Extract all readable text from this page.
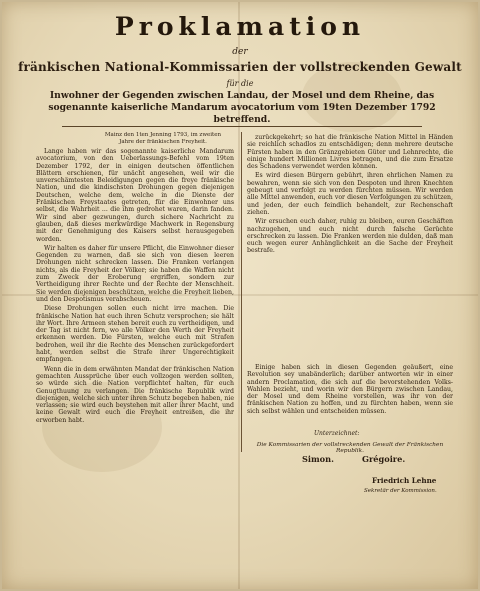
Proklamation
der
fränkischen National-Kommissarien der vollstreckenden Gewalt
für die
Inwohner der Gegenden zwischen Landau, der Mosel und dem Rheine, das sogenannte kaiserliche Mandarum avocatorium vom 19ten Dezember 1792 betreffend.
Mainz den 1ten Jenning 1793, im zweiten Jahre der fränkischen Freyheit.

Lange haben wir das sogenannte kaiserliche Mandarum avocatorium, von den Ueberlassungs-Befehl vom 19ten Dezember 1792, der in einigen deutschen öffentlichen Blättern erschienen, für unächt angesehen, weil wir die unverschämtesten Beleidigungen gegen die freye fränkische Nation, und die kindischsten Drohungen gegen diejenigen Deutschen, welche dem, welche in die Dienste der Fränkischen Freystaates getreten, für die Einwohner uns selbst, die Wahrheit ... die ihm gedrohet waren, darin fanden. Wir sind aber gezwungen, durch sichere Nachricht zu glauben, daß dieses merkwürdige Machwerk in Regensburg mit der Genehmigung des Kaisers selbst herausgegeben worden.

Wir halten es daher für unsere Pflicht, die Einwohner dieser Gegenden zu warnen, daß sie sich von diesen leeren Drohungen nicht schrecken lassen. Die Franken verlangen nichts, als die Freyheit der Völker; sie haben die Waffen nicht zum Zweck der Eroberung ergriffen, sondern zur Vertheidigung ihrer Rechte und der Rechte der Menschheit. Sie werden diejenigen beschützen, welche die Freyheit lieben, und den Despotismus verabscheuen.

Diese Drohungen sollen euch nicht irre machen. Die fränkische Nation hat euch ihren Schutz versprochen; sie hält ihr Wort. Ihre Armeen stehen bereit euch zu vertheidigen, und der Tag ist nicht fern, wo alle Völker den Werth der Freyheit erkennen werden. Die Fürsten, welche euch mit Strafen bedrohen, weil ihr die Rechte des Menschen zurückgefordert habt, werden selbst die Strafe ihrer Ungerechtigkeit empfangen.

Wenn die in dem erwähnten Mandat der fränkischen Nation gemachten Aussprüche über euch vollzogen werden sollten, so würde sich die Nation verpflichtet halten, für euch Genugthuung zu verlangen. Die fränkische Republik wird diejenigen, welche sich unter ihren Schutz begeben haben, nie verlassen; sie wird euch beystehen mit aller ihrer Macht, und keine Gewalt wird euch die Freyheit entreißen, die ihr erworben habt.

zurückgekehrt; so hat die fränkische Nation Mittel in Händen sie reichlich schadlos zu entschädigen; denn mehrere deutsche Fürsten haben in den Gränzgebieten Güter und Lehnrechte, die einige hundert Millionen Livres betragen, und die zum Ersatze des Schadens verwendet werden können.

Es wird diesen Bürgern gebührt, ihren ehrlichen Namen zu bewahren, wenn sie sich von den Despoten und ihren Knechten gebeugt und verfolgt zu werden fürchten müssen. Wir werden alle Mittel anwenden, euch vor diesen Verfolgungen zu schützen, und jeden, der euch feindlich behandelt, zur Rechenschaft ziehen.

Wir ersuchen euch daher, ruhig zu bleiben, euren Geschäften nachzugehen, und euch nicht durch falsche Gerüchte erschrecken zu lassen. Die Franken werden nie dulden, daß man euch wegen eurer Anhänglichkeit an die Sache der Freyheit bestrafe.

Einige haben sich in diesen Gegenden geäußert, eine Revolution sey unabänderlich; darüber antworten wir in einer andern Proclamation, die sich auf die bevorstehenden Volks-Wahlen bezieht, und worin wir den Bürgern zwischen Landau, der Mosel und dem Rheine vorstellen, was ihr von der fränkischen Nation zu hoffen, und zu fürchten haben, wenn sie sich selbst wählen und entscheiden müssen.

Unterzeichnet:
Die Kommissarien der vollstreckenden Gewalt der Fränkischen Republik.
Simon.	Grégoire.
Friedrich Lehne
Sekretär der Kommission.
